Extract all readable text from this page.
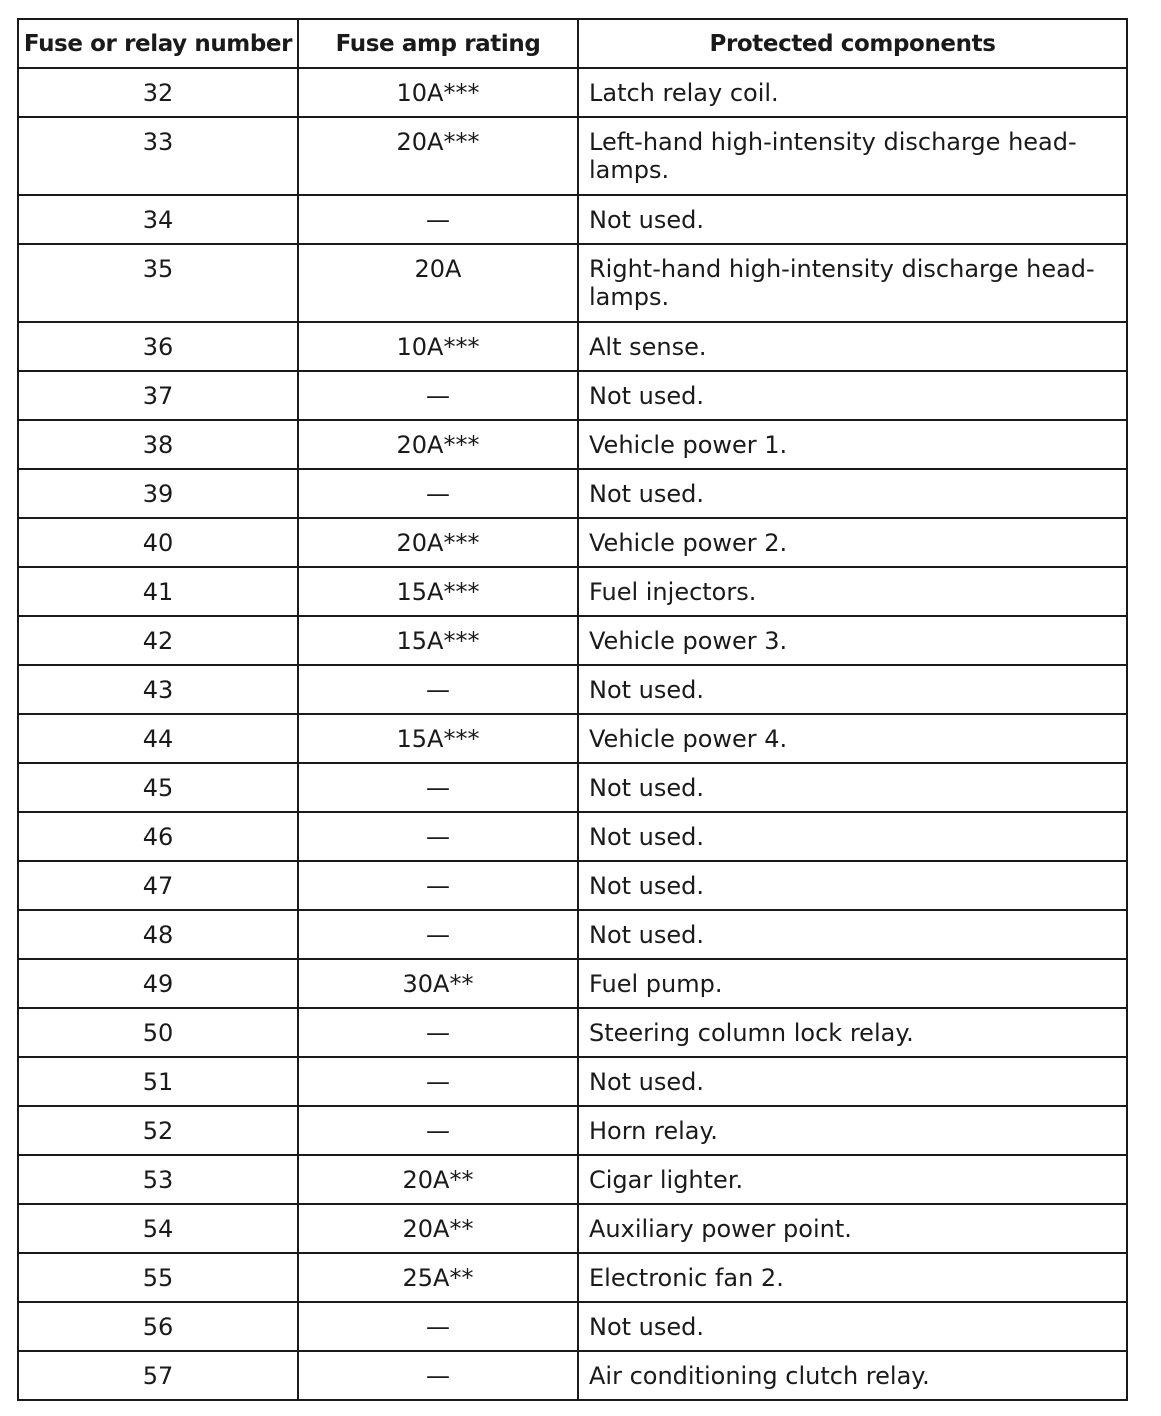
Fuse or relay number	Fuse amp rating	Protected components

32	10A***	Latch relay coil.

33	20A***	Left-hand high-intensity discharge head-
lamps.

34	—	Not used.

35	20A	Right-hand high-intensity discharge head-
lamps.

36	10A***	Alt sense.

37	—	Not used.

38	20A***	Vehicle power 1.

39	—	Not used.

40	20A***	Vehicle power 2.

41	15A***	Fuel injectors.

42	15A***	Vehicle power 3.

43	—	Not used.

44	15A***	Vehicle power 4.

45	—	Not used.

46	—	Not used.

47	—	Not used.

48	—	Not used.

49	30A**	Fuel pump.

50	—	Steering column lock relay.

51	—	Not used.

52	—	Horn relay.

53	20A**	Cigar lighter.

54	20A**	Auxiliary power point.

55	25A**	Electronic fan 2.

56	—	Not used.

57	—	Air conditioning clutch relay.
